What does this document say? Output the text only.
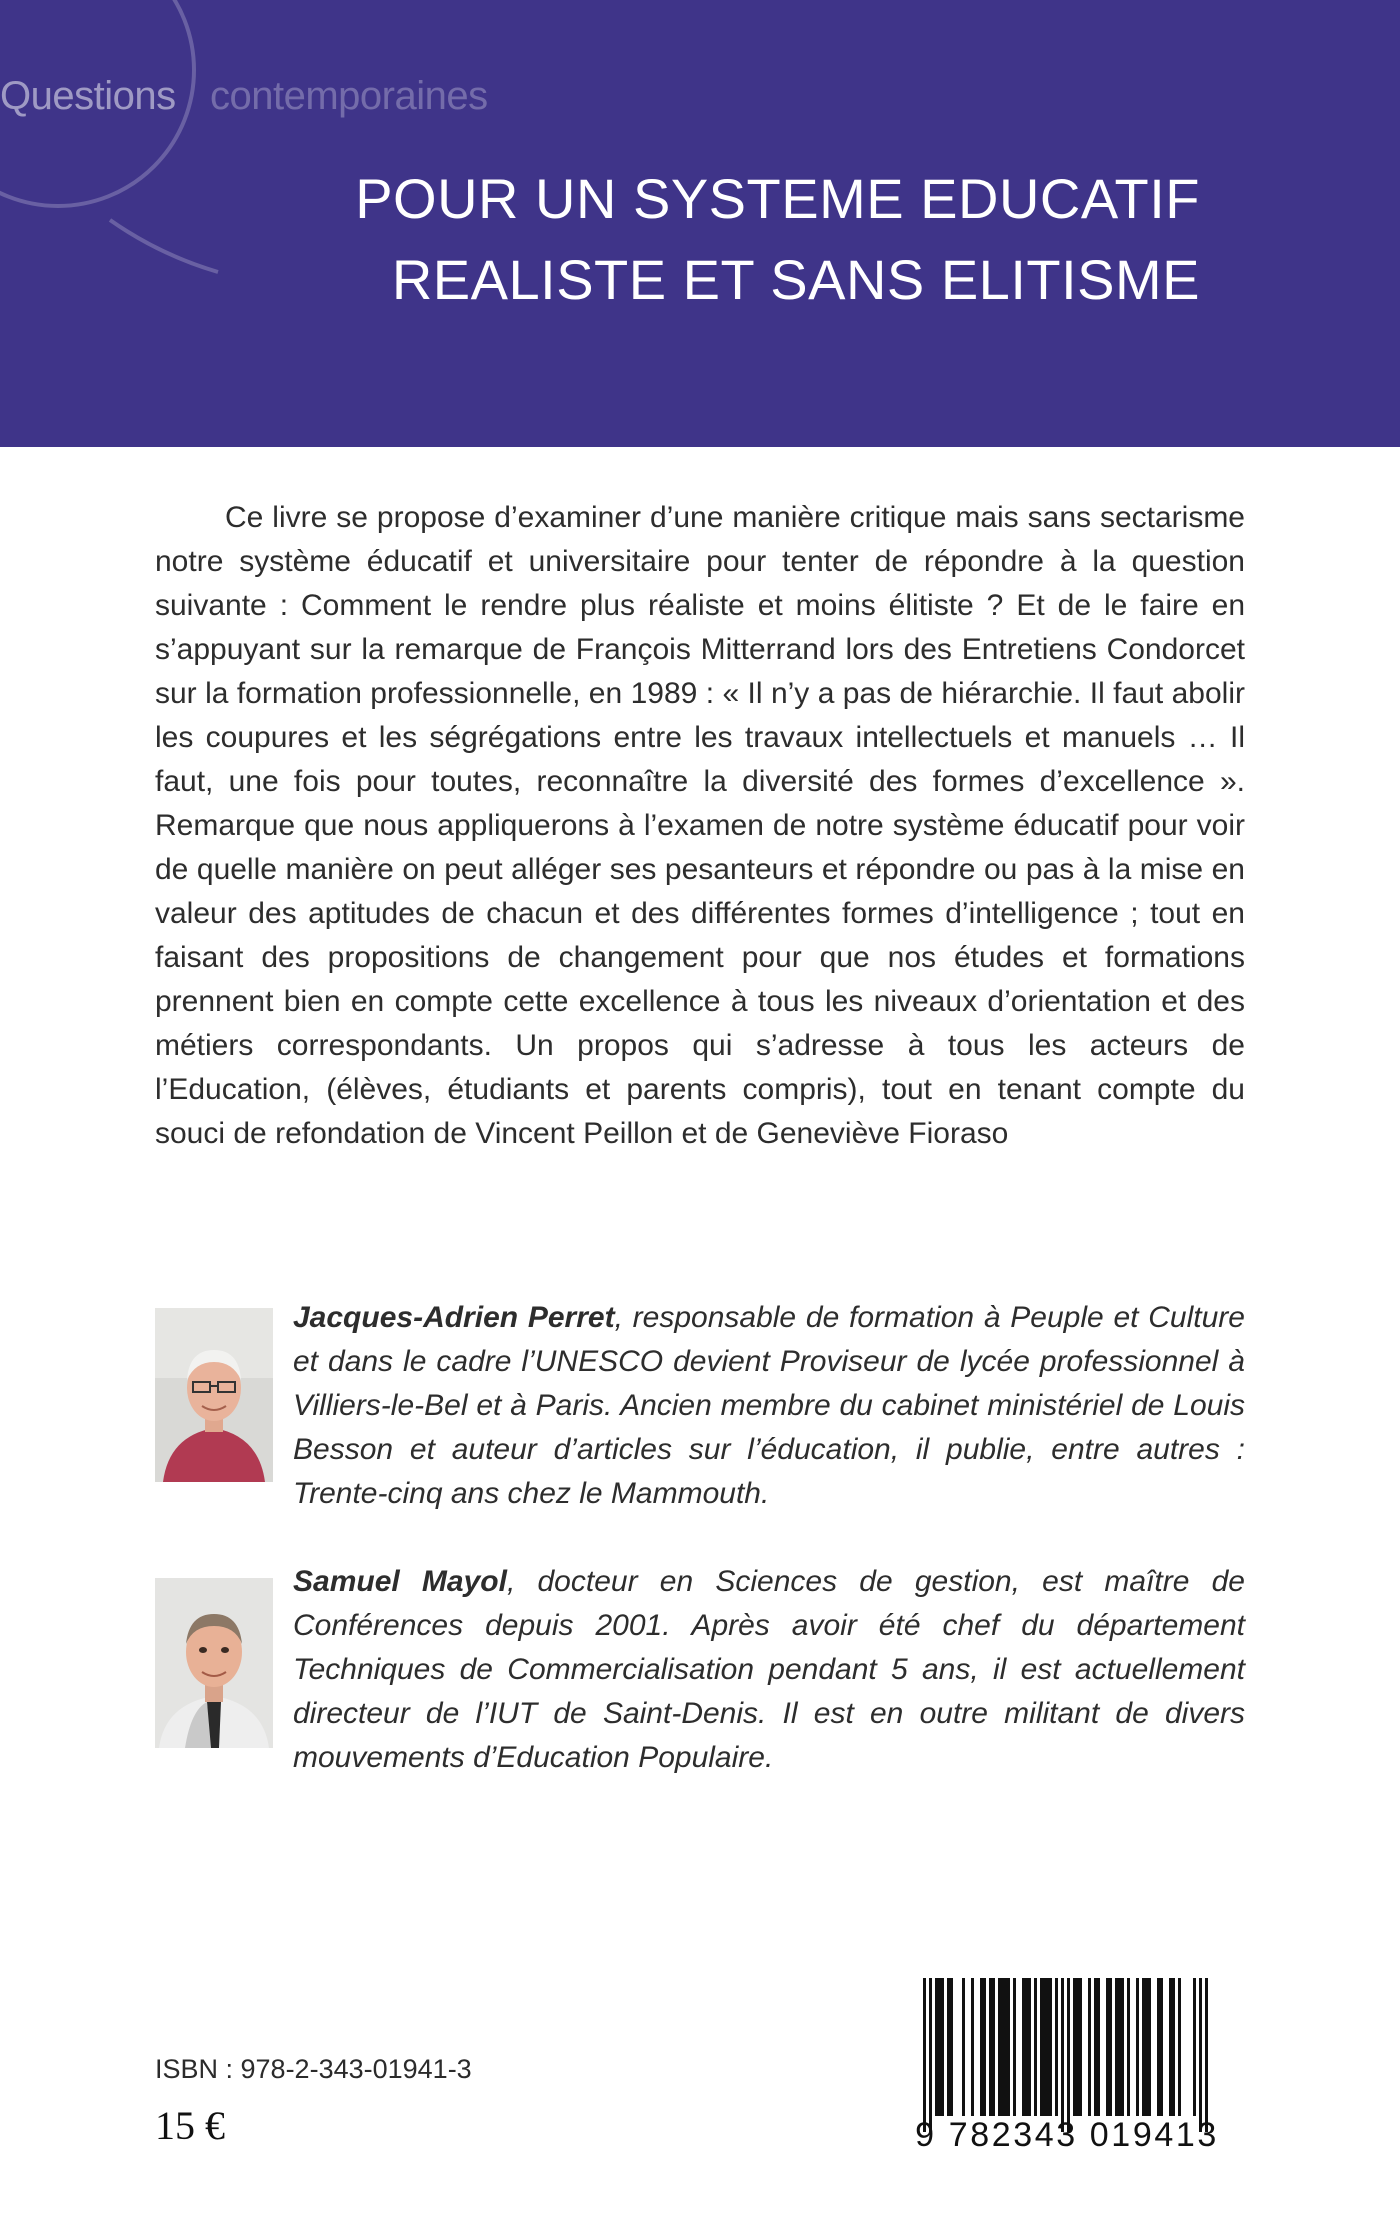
Questions contemporaines
POUR UN SYSTEME EDUCATIF
REALISTE ET SANS ELITISME

Ce livre se propose d’examiner d’une manière critique mais sans sectarisme notre système éducatif et universitaire pour tenter de répondre à la question suivante : Comment le rendre plus réaliste et moins élitiste ? Et de le faire en s’appuyant sur la remarque de François Mitterrand lors des Entretiens Condorcet sur la formation professionnelle, en 1989 : « Il n’y a pas de hiérarchie. Il faut abolir les coupures et les ségrégations entre les travaux intellectuels et manuels … Il faut, une fois pour toutes, reconnaître la diversité des formes d’excellence ». Remarque que nous appliquerons à l’examen de notre système éducatif pour voir de quelle manière on peut alléger ses pesanteurs et répondre ou pas à la mise en valeur des aptitudes de chacun et des différentes formes d’intelligence ; tout en faisant des propositions de changement pour que nos études et formations prennent bien en compte cette excellence à tous les niveaux d’orientation et des métiers correspondants. Un propos qui s’adresse à tous les acteurs de l’Education, (élèves, étudiants et parents compris), tout en tenant compte du souci de refondation de Vincent Peillon et de Geneviève Fioraso

Jacques-Adrien Perret, responsable de formation à Peuple et Culture et dans le cadre l’UNESCO devient Proviseur de lycée professionnel à Villiers-le-Bel et à Paris. Ancien membre du cabinet ministériel de Louis Besson et auteur d’articles sur l’éducation, il publie, entre autres : Trente-cinq ans chez le Mammouth.

Samuel Mayol, docteur en Sciences de gestion, est maître de Conférences depuis 2001. Après avoir été chef du département Techniques de Commercialisation pendant 5 ans, il est actuellement directeur de l’IUT de Saint-Denis. Il est en outre militant de divers mouvements d’Education Populaire.

ISBN : 978-2-343-01941-3
15 €	9 782343 019413
